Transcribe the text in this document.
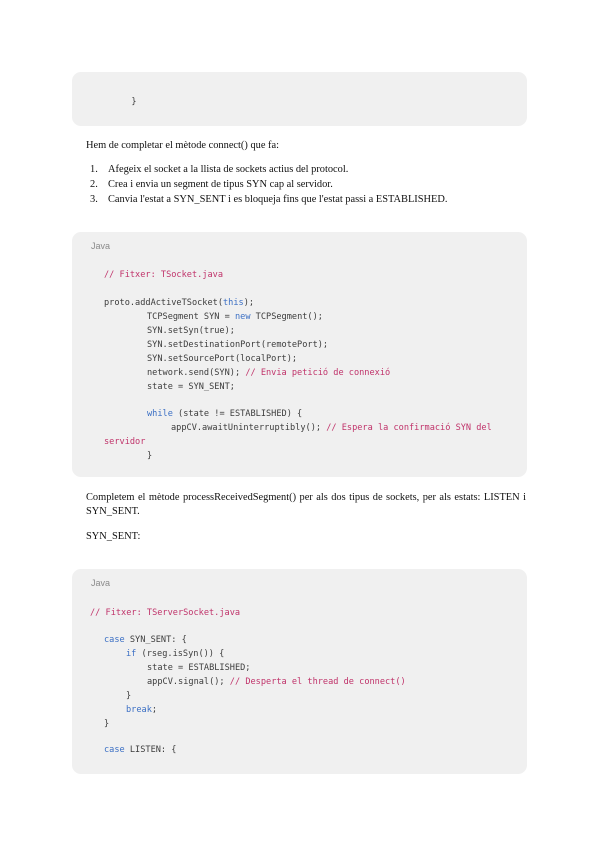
}
Hem de completar el mètode connect() que fa:
1. Afegeix el socket a la llista de sockets actius del protocol.
2. Crea i envia un segment de tipus SYN cap al servidor.
3. Canvia l'estat a SYN_SENT i es bloqueja fins que l'estat passi a ESTABLISHED.
Java
// Fitxer: TSocket.java
proto.addActiveTSocket(this);
TCPSegment SYN = new TCPSegment();
SYN.setSyn(true);
SYN.setDestinationPort(remotePort);
SYN.setSourcePort(localPort);
network.send(SYN); // Envia petició de connexió
state = SYN_SENT;
while (state != ESTABLISHED) {
appCV.awaitUninterruptibly(); // Espera la confirmació SYN del
servidor
}
Completem el mètode processReceivedSegment() per als dos tipus de sockets, per als estats: LISTEN i SYN_SENT.
SYN_SENT:
Java
// Fitxer: TServerSocket.java
case SYN_SENT: {
if (rseg.isSyn()) {
state = ESTABLISHED;
appCV.signal(); // Desperta el thread de connect()
}
break;
}
case LISTEN: {
